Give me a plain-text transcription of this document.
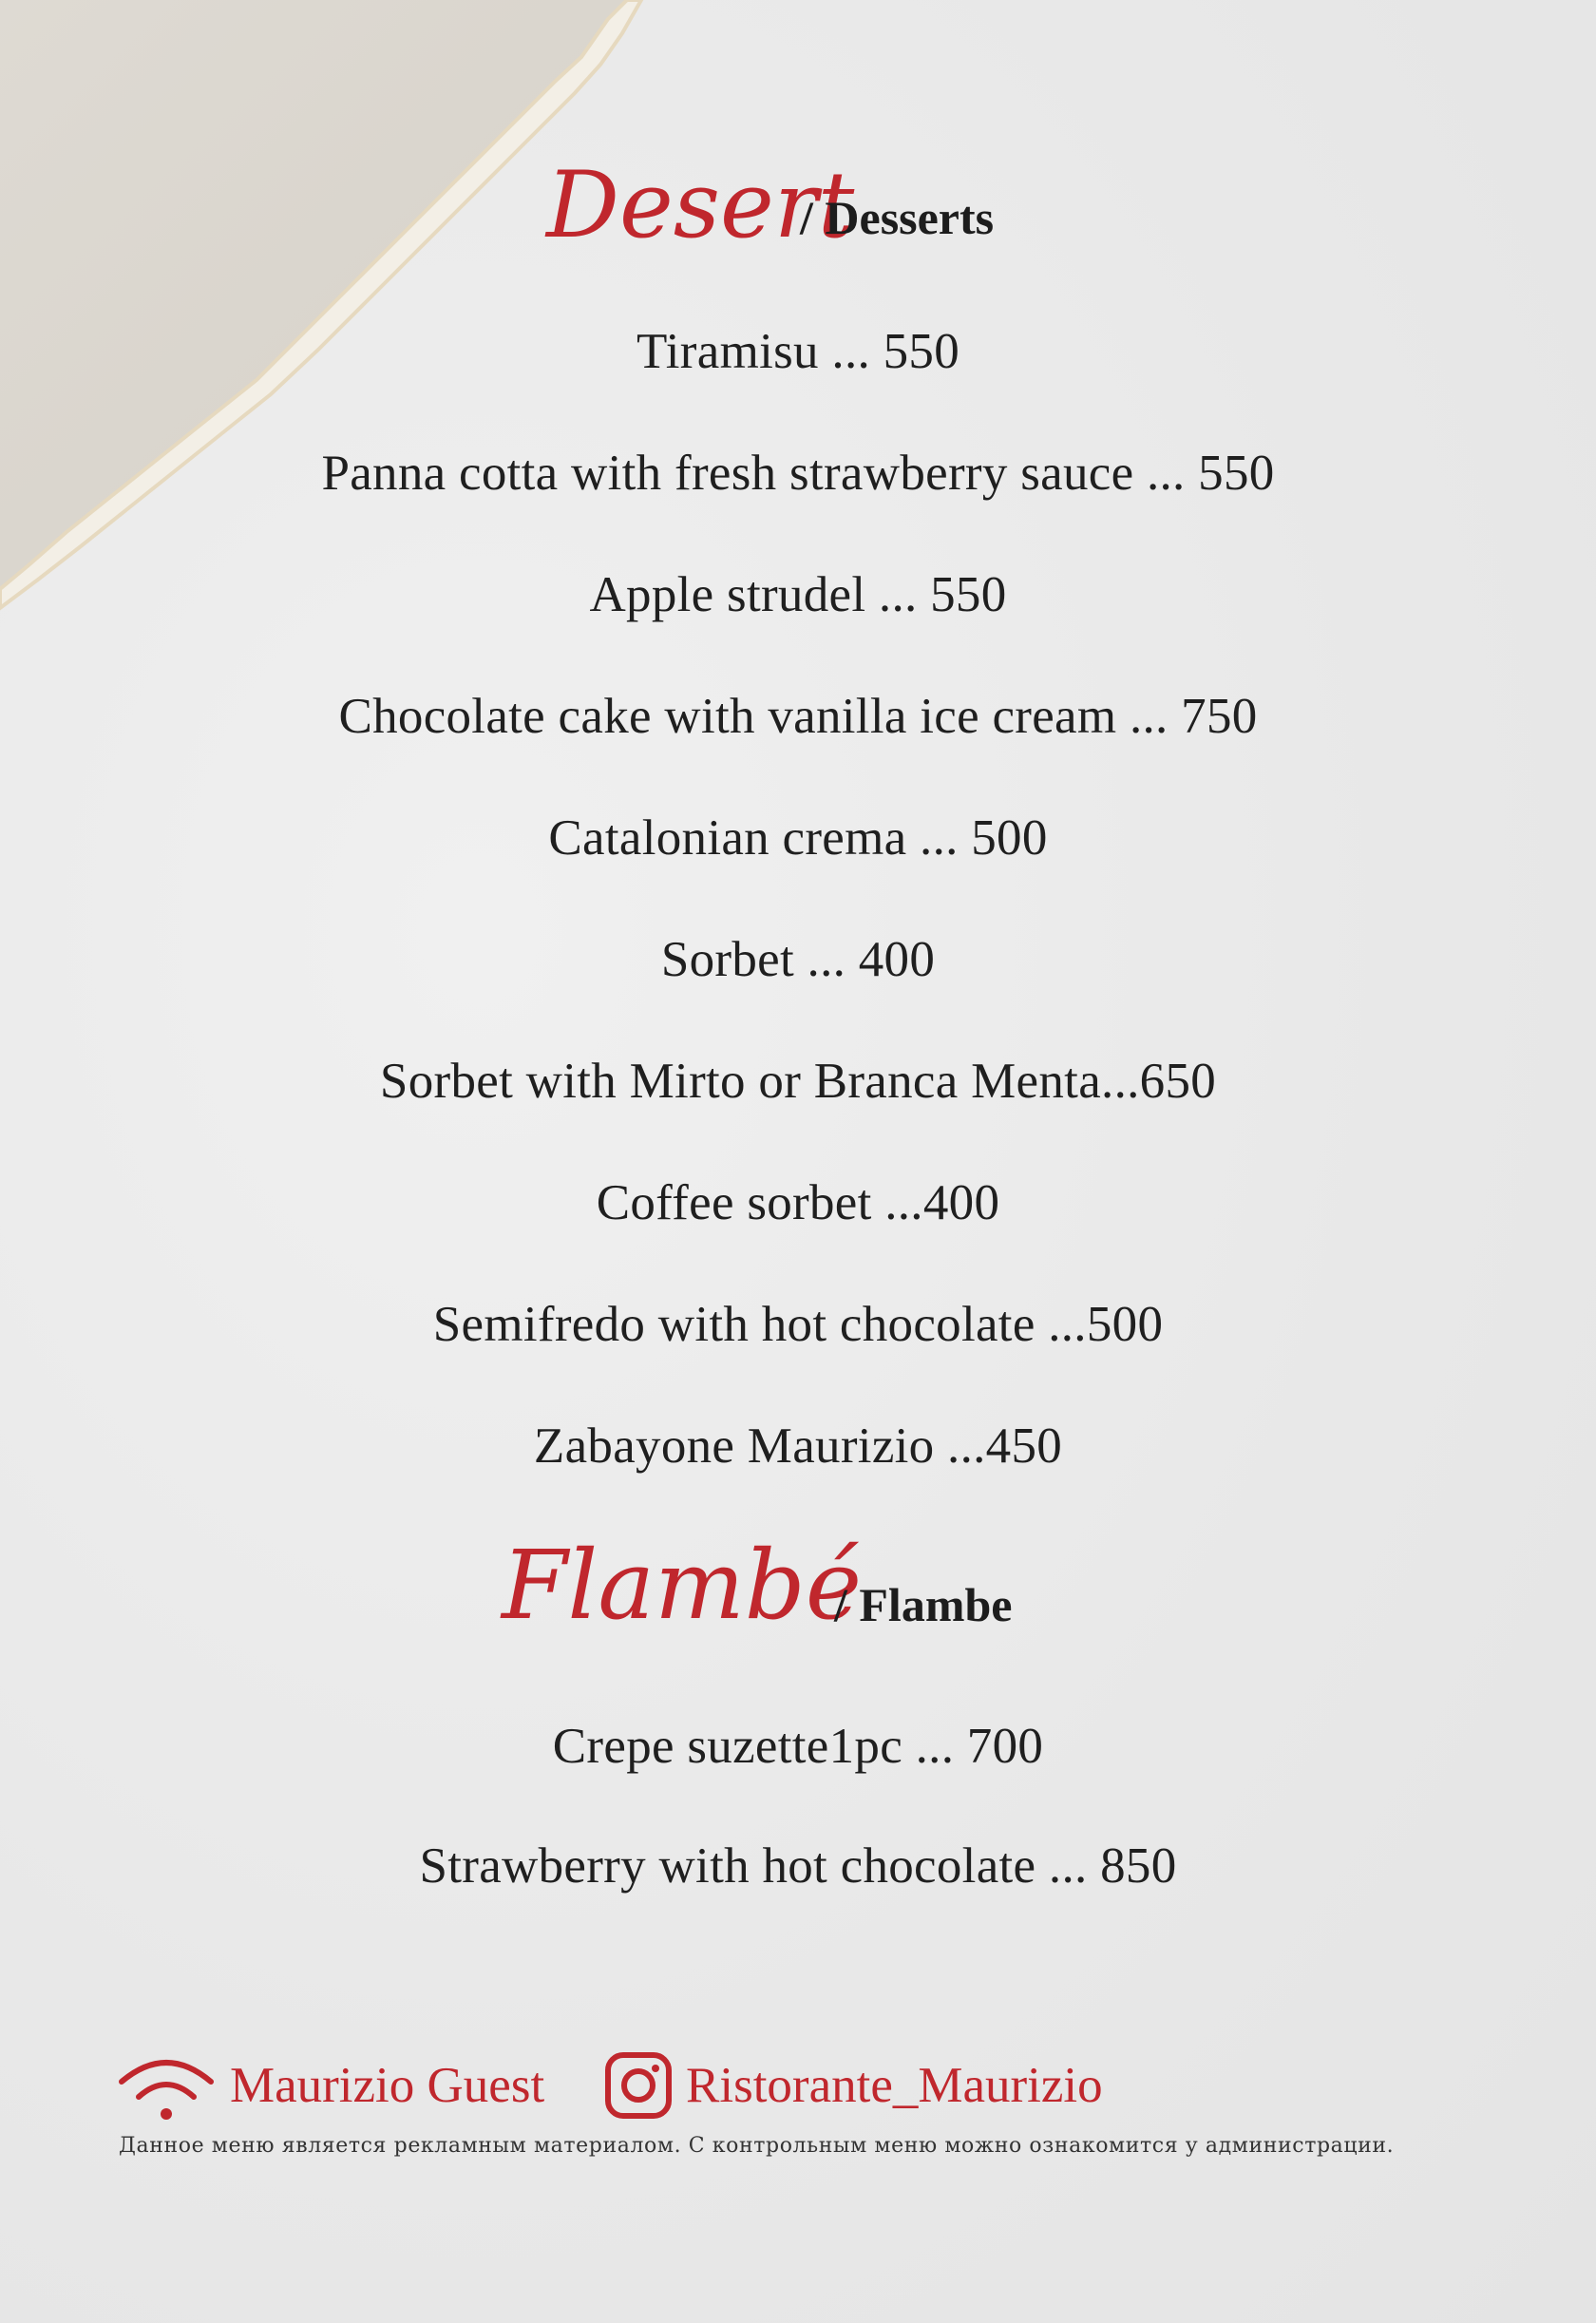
Desert
/ Desserts
Tiramisu ... 550
Panna cotta with fresh strawberry sauce ... 550
Apple strudel ... 550
Chocolate cake with vanilla ice cream ... 750
Catalonian crema ... 500
Sorbet ... 400
Sorbet with Mirto or Branca Menta...650
Coffee sorbet ...400
Semifredo with hot chocolate ...500
Zabayone Maurizio ...450
Flambé
/ Flambe
Crepe suzette1pc ... 700
Strawberry with hot chocolate ... 850
Maurizio Guest	Ristorante_Maurizio
Данное меню является рекламным материалом. С контрольным меню можно ознакомится у администрации.
